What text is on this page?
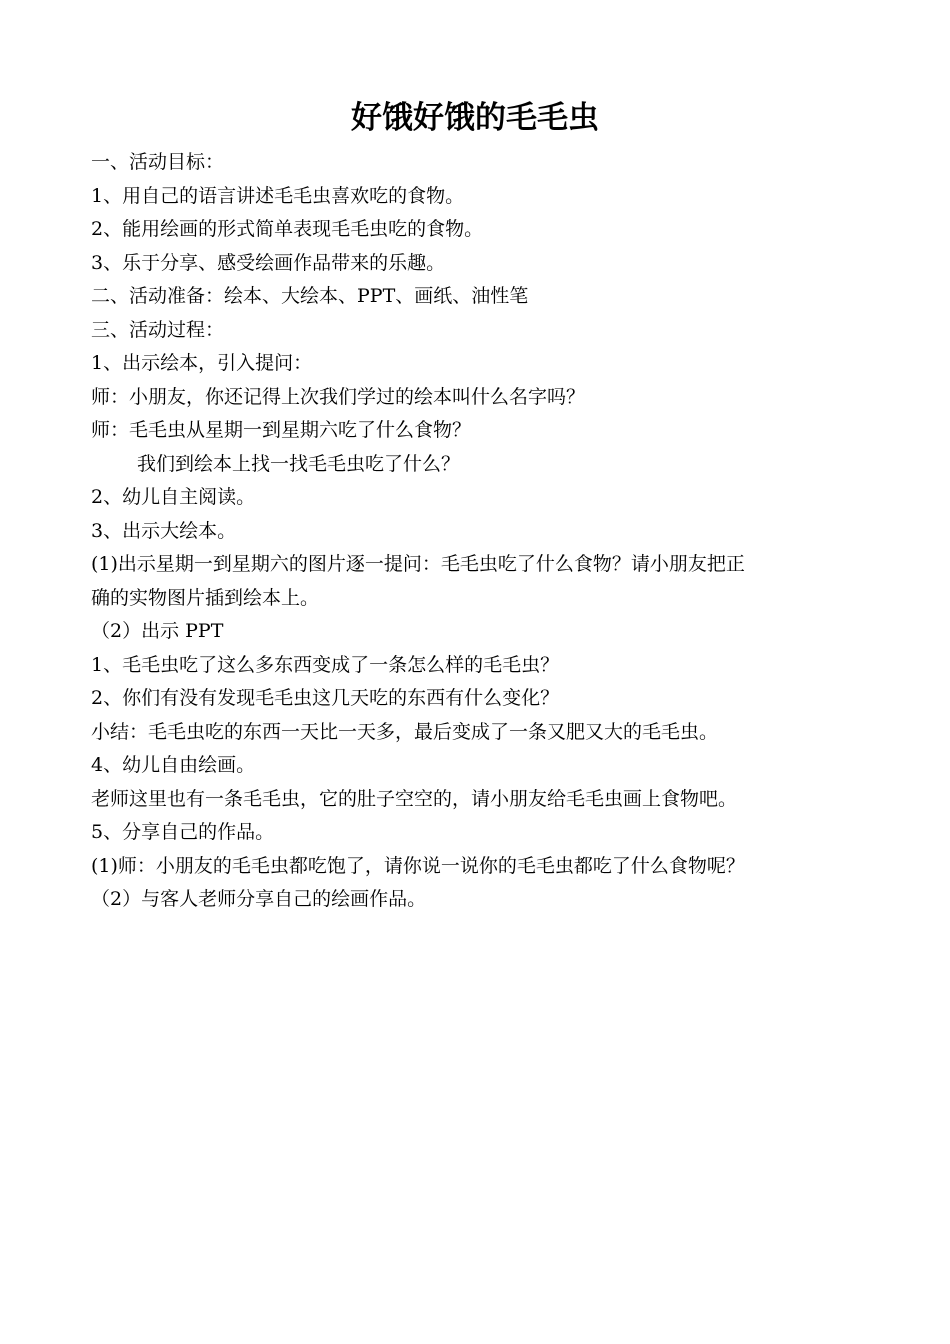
好饿好饿的毛毛虫
一、活动目标：
1、用自己的语言讲述毛毛虫喜欢吃的食物。
2、能用绘画的形式简单表现毛毛虫吃的食物。
3、乐于分享、感受绘画作品带来的乐趣。
二、活动准备：绘本、大绘本、PPT、画纸、油性笔
三、活动过程：
1、出示绘本，引入提问：
师：小朋友，你还记得上次我们学过的绘本叫什么名字吗？
师：毛毛虫从星期一到星期六吃了什么食物？
我们到绘本上找一找毛毛虫吃了什么？
2、幼儿自主阅读。
3、出示大绘本。
(1)出示星期一到星期六的图片逐一提问：毛毛虫吃了什么食物？请小朋友把正
确的实物图片插到绘本上。
（2）出示 PPT
1、毛毛虫吃了这么多东西变成了一条怎么样的毛毛虫？
2、你们有没有发现毛毛虫这几天吃的东西有什么变化？
小结：毛毛虫吃的东西一天比一天多，最后变成了一条又肥又大的毛毛虫。
4、幼儿自由绘画。
老师这里也有一条毛毛虫，它的肚子空空的，请小朋友给毛毛虫画上食物吧。
5、分享自己的作品。
(1)师：小朋友的毛毛虫都吃饱了，请你说一说你的毛毛虫都吃了什么食物呢？
（2）与客人老师分享自己的绘画作品。
